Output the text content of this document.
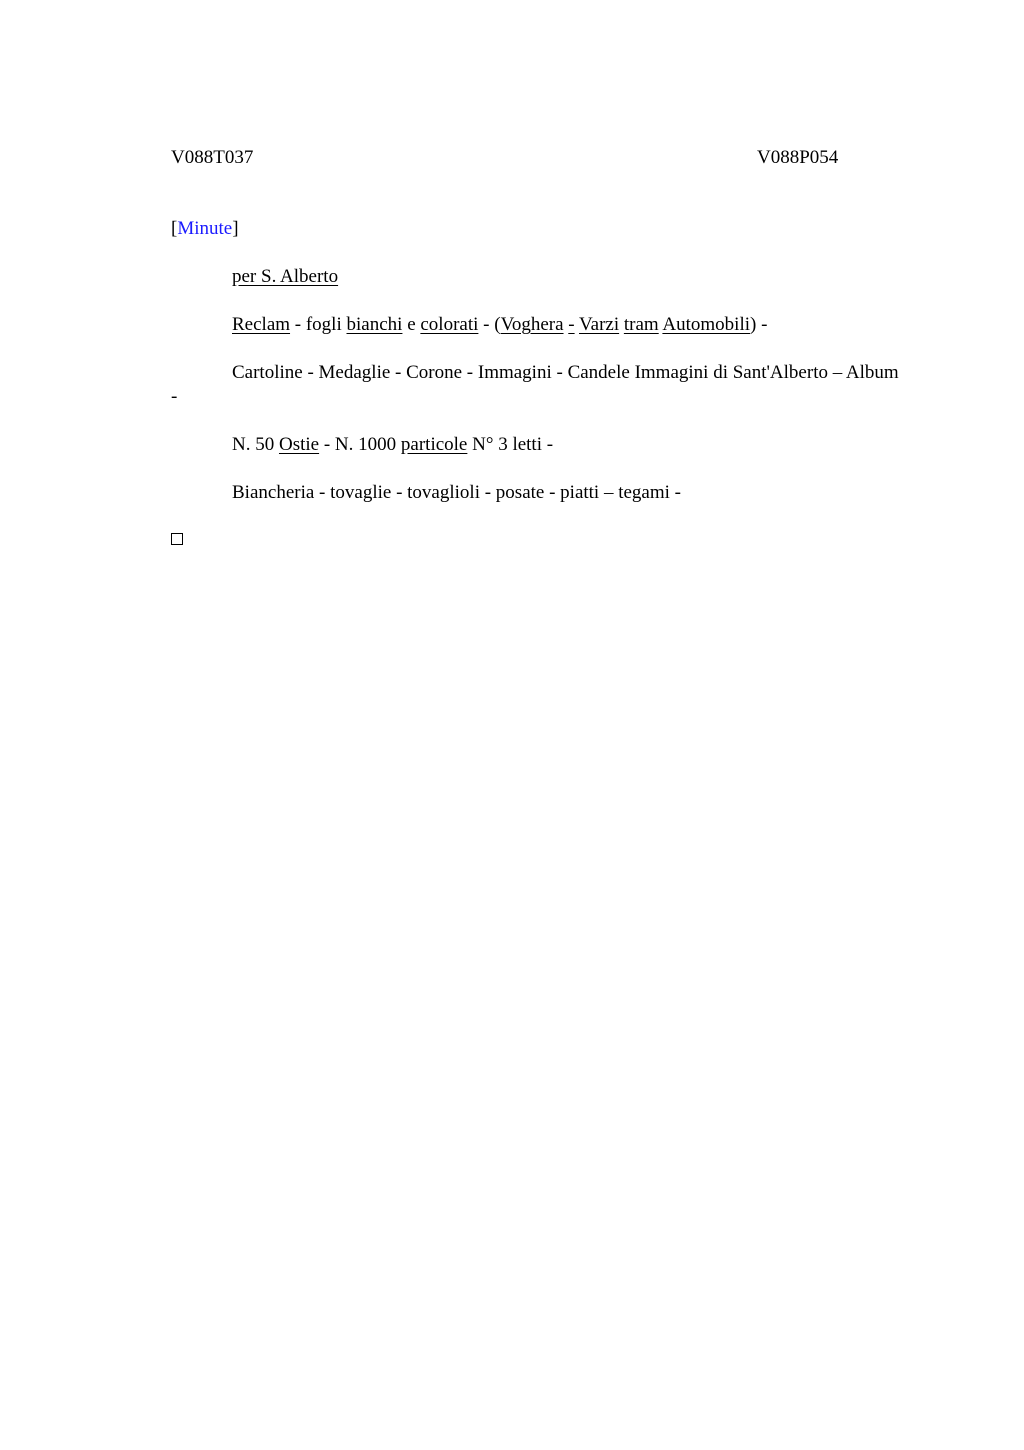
V088T037	V088P054

[Minute]

per S. Alberto

Reclam - fogli bianchi e colorati - (Voghera - Varzi tram Automobili) -

Cartoline - Medaglie - Corone - Immagini - Candele Immagini di Sant'Alberto – Album -

N. 50 Ostie - N. 1000 particole N° 3 letti -

Biancheria - tovaglie - tovaglioli - posate - piatti – tegami -
